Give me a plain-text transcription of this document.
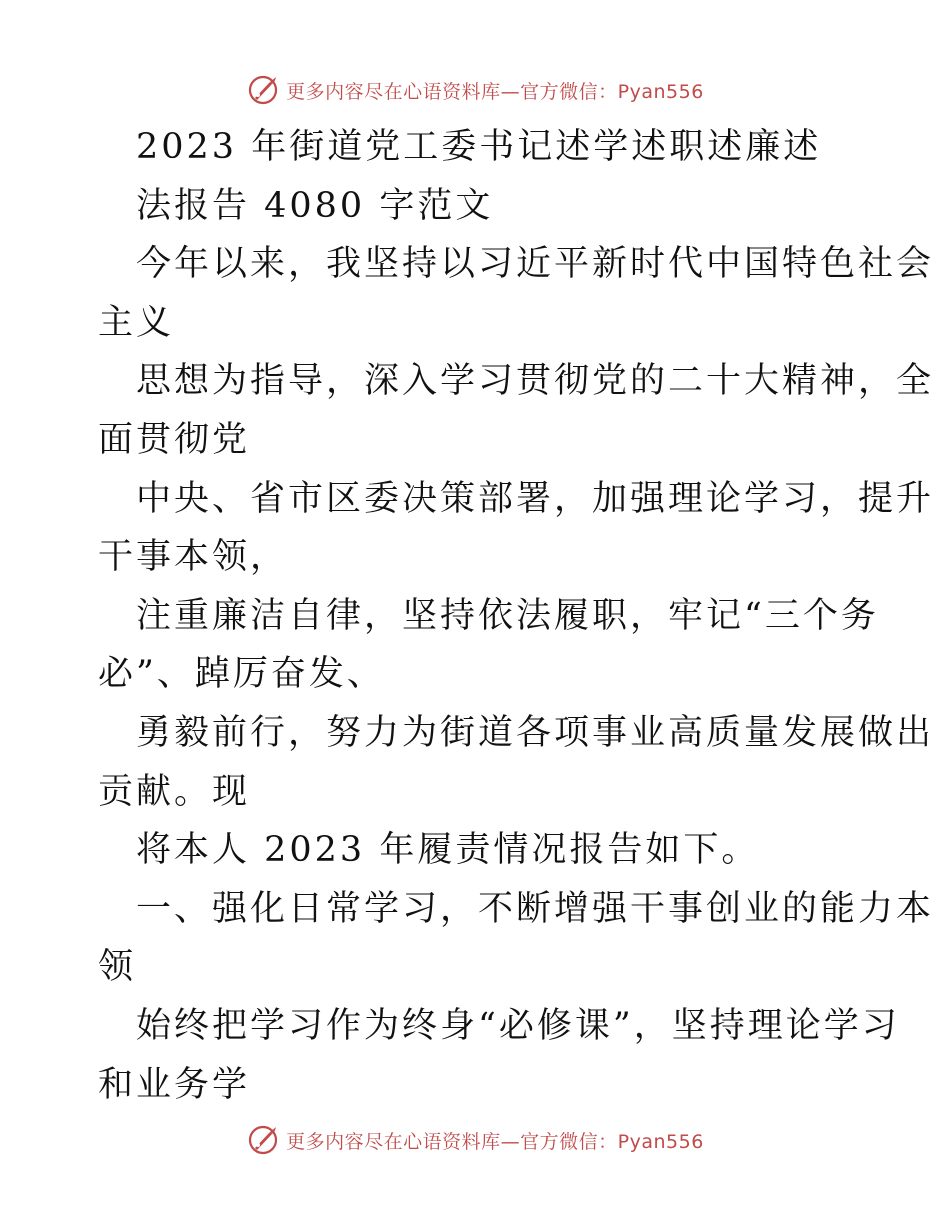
更多内容尽在心语资料库—官方微信：Pyan556
2023 年街道党工委书记述学述职述廉述
法报告 4080 字范文
今年以来，我坚持以习近平新时代中国特色社会
主义
思想为指导，深入学习贯彻党的二十大精神，全
面贯彻党
中央、省市区委决策部署，加强理论学习，提升
干事本领，
注重廉洁自律，坚持依法履职，牢记“三个务
必”、踔厉奋发、
勇毅前行，努力为街道各项事业高质量发展做出
贡献。现
将本人 2023 年履责情况报告如下。
一、强化日常学习，不断增强干事创业的能力本
领
始终把学习作为终身“必修课”，坚持理论学习
和业务学
更多内容尽在心语资料库—官方微信：Pyan556
